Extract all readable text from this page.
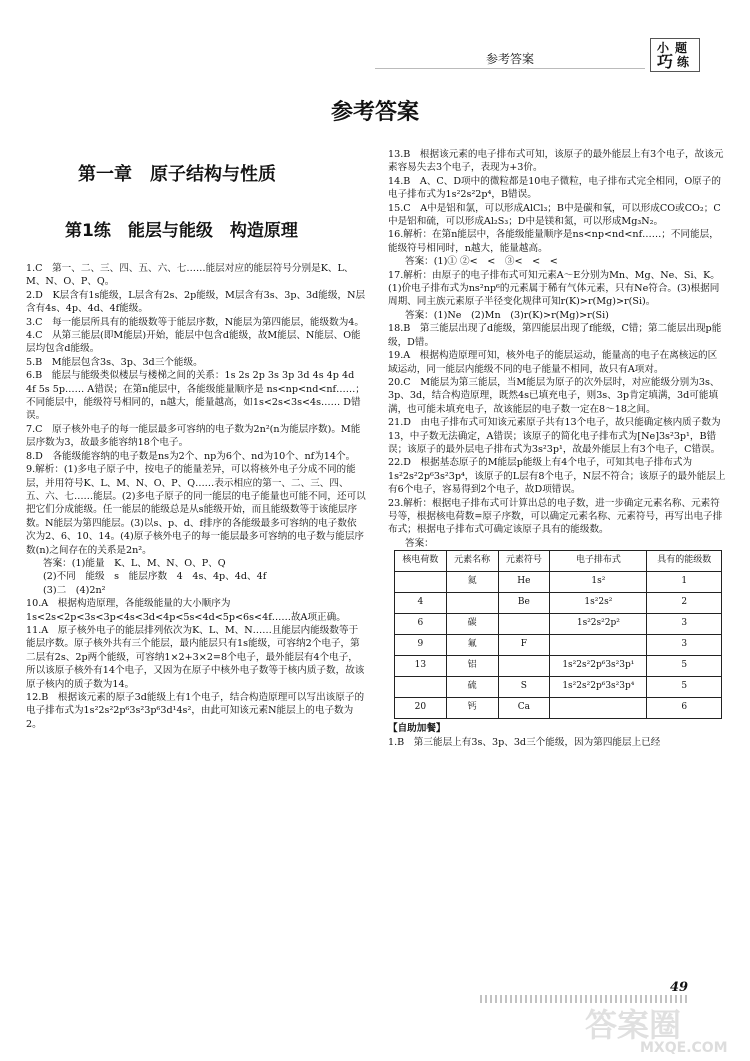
参考答案
小 题
巧 练
参考答案
第一章　原子结构与性质
第1练　能层与能级　构造原理

1.C　第一、二、三、四、五、六、七……能层对应的能层符号分别是K、L、M、N、O、P、Q。

2.D　K层含有1s能级，L层含有2s、2p能级，M层含有3s、3p、3d能级，N层含有4s、4p、4d、4f能级。

3.C　每一能层所具有的能级数等于能层序数，N能层为第四能层，能级数为4。

4.C　从第三能层(即M能层)开始，能层中包含d能级，故M能层、N能层、O能层均包含d能级。

5.B　M能层包含3s、3p、3d三个能级。

6.B　能层与能级类似楼层与楼梯之间的关系：1s 2s 2p 3s 3p 3d 4s 4p 4d 4f 5s 5p…… A错误；在第n能层中，各能级能量顺序是 ns<np<nd<nf……；不同能层中，能级符号相同的，n越大，能量越高，如1s<2s<3s<4s…… D错误。

7.C　原子核外电子的每一能层最多可容纳的电子数为2n²(n为能层序数)。M能层序数为3，故最多能容纳18个电子。

8.D　各能级能容纳的电子数是ns为2个、np为6个、nd为10个、nf为14个。

9.解析：(1)多电子原子中，按电子的能量差异，可以将核外电子分成不同的能层，并用符号K、L、M、N、O、P、Q……表示相应的第一、二、三、四、五、六、七……能层。(2)多电子原子的同一能层的电子能量也可能不同，还可以把它们分成能级。任一能层的能级总是从s能级开始，而且能级数等于该能层序数。N能层为第四能层。(3)以s、p、d、f排序的各能级最多可容纳的电子数依次为2、6、10、14。(4)原子核外电子的每一能层最多可容纳的电子数与能层序数(n)之间存在的关系是2n²。

答案：(1)能量　K、L、M、N、O、P、Q

(2)不同　能级　s　能层序数　4　4s、4p、4d、4f

(3)二　(4)2n²

10.A　根据构造原理，各能级能量的大小顺序为1s<2s<2p<3s<3p<4s<3d<4p<5s<4d<5p<6s<4f……故A项正确。

11.A　原子核外电子的能层排列依次为K、L、M、N……且能层内能级数等于能层序数。原子核外共有三个能层，最内能层只有1s能级，可容纳2个电子，第二层有2s、2p两个能级，可容纳1×2+3×2=8个电子，最外能层有4个电子，所以该原子核外有14个电子，又因为在原子中核外电子数等于核内质子数，故该原子核内的质子数为14。

12.B　根据该元素的原子3d能级上有1个电子，结合构造原理可以写出该原子的电子排布式为1s²2s²2p⁶3s²3p⁶3d¹4s²，由此可知该元素N能层上的电子数为2。

13.B　根据该元素的电子排布式可知，该原子的最外能层上有3个电子，故该元素容易失去3个电子，表现为+3价。

14.B　A、C、D项中的微粒都是10电子微粒，电子排布式完全相同，O原子的电子排布式为1s²2s²2p⁴，B错误。

15.C　A中是铝和氯，可以形成AlCl₃；B中是碳和氧，可以形成CO或CO₂；C中是铝和硫，可以形成Al₂S₃；D中是镁和氮，可以形成Mg₃N₂。

16.解析：在第n能层中，各能级能量顺序是ns<np<nd<nf……；不同能层，能级符号相同时，n越大，能量越高。

答案：(1)① ②<　<　③<　<　<

17.解析：由原子的电子排布式可知元素A～E分别为Mn、Mg、Ne、Si、K。(1)价电子排布式为ns²np⁶的元素属于稀有气体元素，只有Ne符合。(3)根据同周期、同主族元素原子半径变化规律可知r(K)>r(Mg)>r(Si)。

答案：(1)Ne　(2)Mn　(3)r(K)>r(Mg)>r(Si)

18.B　第三能层出现了d能级，第四能层出现了f能级，C错；第二能层出现p能级，D错。

19.A　根据构造原理可知，核外电子的能层运动，能量高的电子在离核远的区域运动，同一能层内能级不同的电子能量不相同，故只有A项对。

20.C　M能层为第三能层，当M能层为原子的次外层时，对应能级分别为3s、3p、3d，结合构造原理，既然4s已填充电子，则3s、3p肯定填满，3d可能填满，也可能未填充电子，故该能层的电子数一定在8～18之间。

21.D　由电子排布式可知该元素原子共有13个电子，故只能确定核内质子数为13，中子数无法确定，A错误；该原子的简化电子排布式为[Ne]3s²3p¹，B错误；该原子的最外层电子排布式为3s²3p¹，故最外能层上有3个电子，C错误。

22.D　根据基态原子的M能层p能级上有4个电子，可知其电子排布式为1s²2s²2p⁶3s²3p⁴，该原子的L层有8个电子，N层不符合；该原子的最外能层上有6个电子，容易得到2个电子，故D项错误。

23.解析：根据电子排布式可计算出总的电子数，进一步确定元素名称、元素符号等，根据核电荷数=原子序数，可以确定元素名称、元素符号，再写出电子排布式；根据电子排布式可确定该原子具有的能级数。

答案：

核电荷数	元素名称	元素符号	电子排布式	具有的能级数
	氦	He	1s²	1
4		Be	1s²2s²	2
6	碳		1s²2s²2p²	3
9	氟	F		3
13	铝		1s²2s²2p⁶3s²3p¹	5
	硫	S	1s²2s²2p⁶3s²3p⁴	5
20	钙	Ca		6

【自助加餐】

1.B　第三能层上有3s、3p、3d三个能级，因为第四能层上已经

49
答案圈
MXQE.COM
